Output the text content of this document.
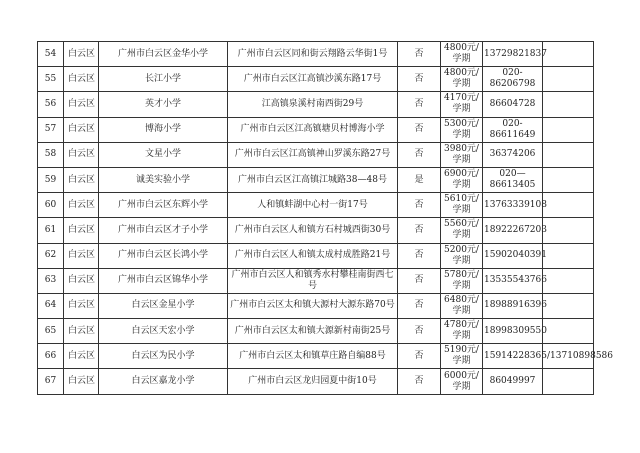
54	白云区	广州市白云区金华小学	广州市白云区同和街云翔路云华街1号	否	4800元/学期	13729821837	
55	白云区	长江小学	广州市白云区江高镇沙溪东路17号	否	4800元/学期	020-86206798	
56	白云区	英才小学	江高镇泉溪村南西街29号	否	4170元/学期	86604728	
57	白云区	博海小学	广州市白云区江高镇塘贝村博海小学	否	5300元/学期	020-86611649	
58	白云区	文星小学	广州市白云区江高镇神山罗溪东路27号	否	3980元/学期	36374206	
59	白云区	诚美实验小学	广州市白云区江高镇江城路38—48号	是	6900元/学期	020—86613405	
60	白云区	广州市白云区东辉小学	人和镇蚌湖中心村一街17号	否	5610元/学期	13763339108	
61	白云区	广州市白云区才子小学	广州市白云区人和镇方石村城西街30号	否	5560元/学期	18922267203	
62	白云区	广州市白云区长鸿小学	广州市白云区人和镇太成村成胜路21号	否	5200元/学期	15902040391	
63	白云区	广州市白云区锦华小学	广州市白云区人和镇秀水村攀桂南街西七号	否	5780元/学期	13535543766	
64	白云区	白云区金星小学	广州市白云区太和镇大源村大源东路70号	否	6480元/学期	18988916396	
65	白云区	白云区天宏小学	广州市白云区太和镇大源新村南街25号	否	4780元/学期	18998309550	
66	白云区	白云区为民小学	广州市白云区太和镇草庄路自编88号	否	5190元/学期	15914228365/13710898586	
67	白云区	白云区嘉龙小学	广州市白云区龙归园夏中街10号	否	6000元/学期	86049997	
